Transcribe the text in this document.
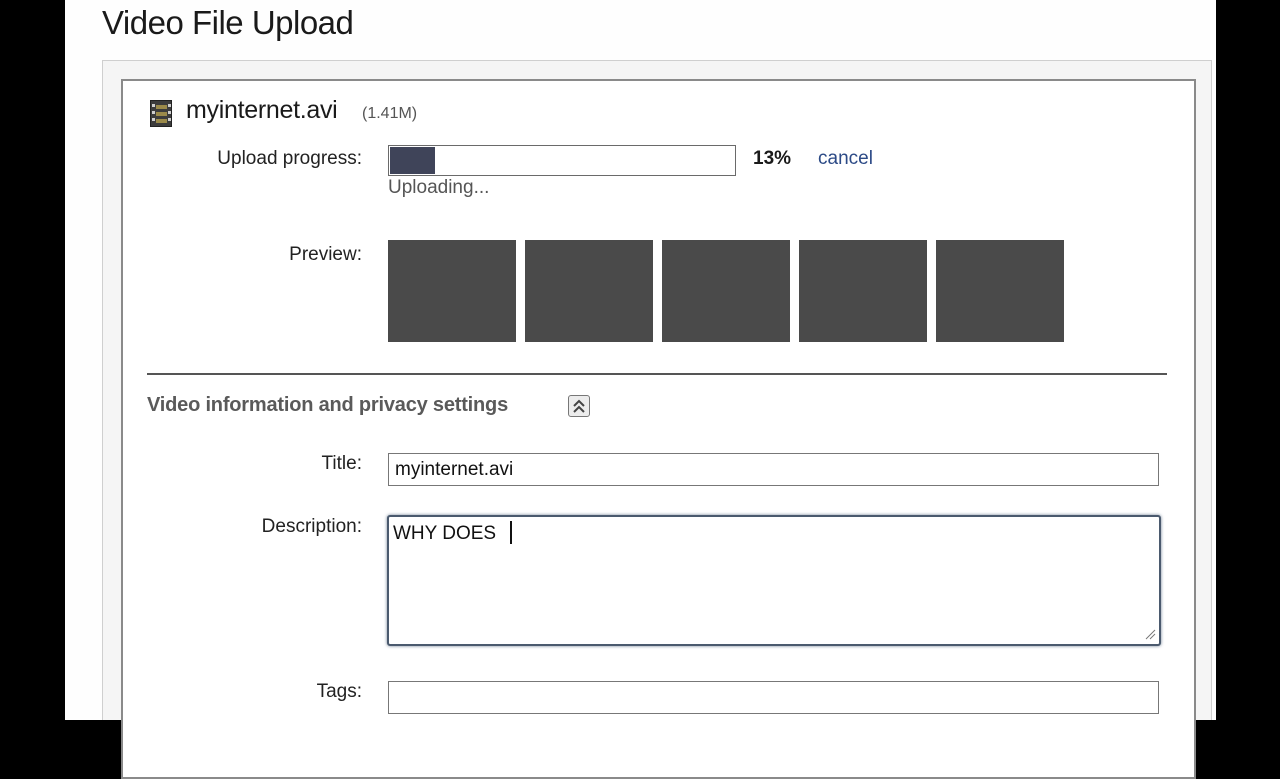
Video File Upload
myinternet.avi (1.41M)
Upload progress:	13% cancel
Uploading...
Preview:
Video information and privacy settings
Title:
myinternet.avi
Description:
WHY DOES
Tags:
